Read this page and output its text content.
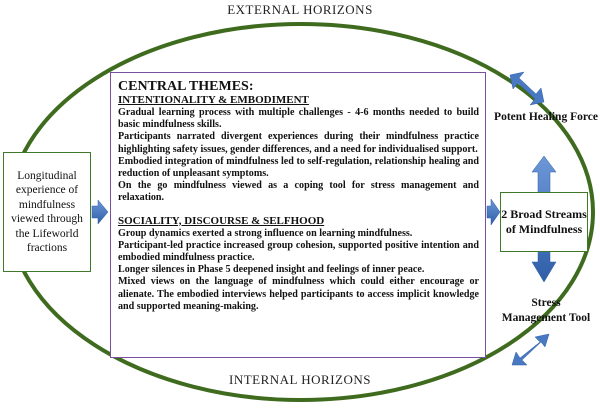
EXTERNAL HORIZONS
Longitudinal experience of mindfulness viewed through the Lifeworld fractions
CENTRAL THEMES:
INTENTIONALITY & EMBODIMENT

Gradual learning process with multiple challenges - 4-6 months needed to build basic mindfulness skills.

Participants narrated divergent experiences during their mindfulness practice highlighting safety issues, gender differences, and a need for individualised support.

Embodied integration of mindfulness led to self-regulation, relationship healing and reduction of unpleasant symptoms.

On the go mindfulness viewed as a coping tool for stress management and relaxation.

SOCIALITY, DISCOURSE & SELFHOOD

Group dynamics exerted a strong influence on learning mindfulness.

Participant-led practice increased group cohesion, supported positive intention and embodied mindfulness practice.

Longer silences in Phase 5 deepened insight and feelings of inner peace.

Mixed views on the language of mindfulness which could either encourage or alienate. The embodied interviews helped participants to access implicit knowledge and supported meaning-making.

Potent Healing Force
2 Broad Streams of Mindfulness
Stress Management Tool
INTERNAL HORIZONS
